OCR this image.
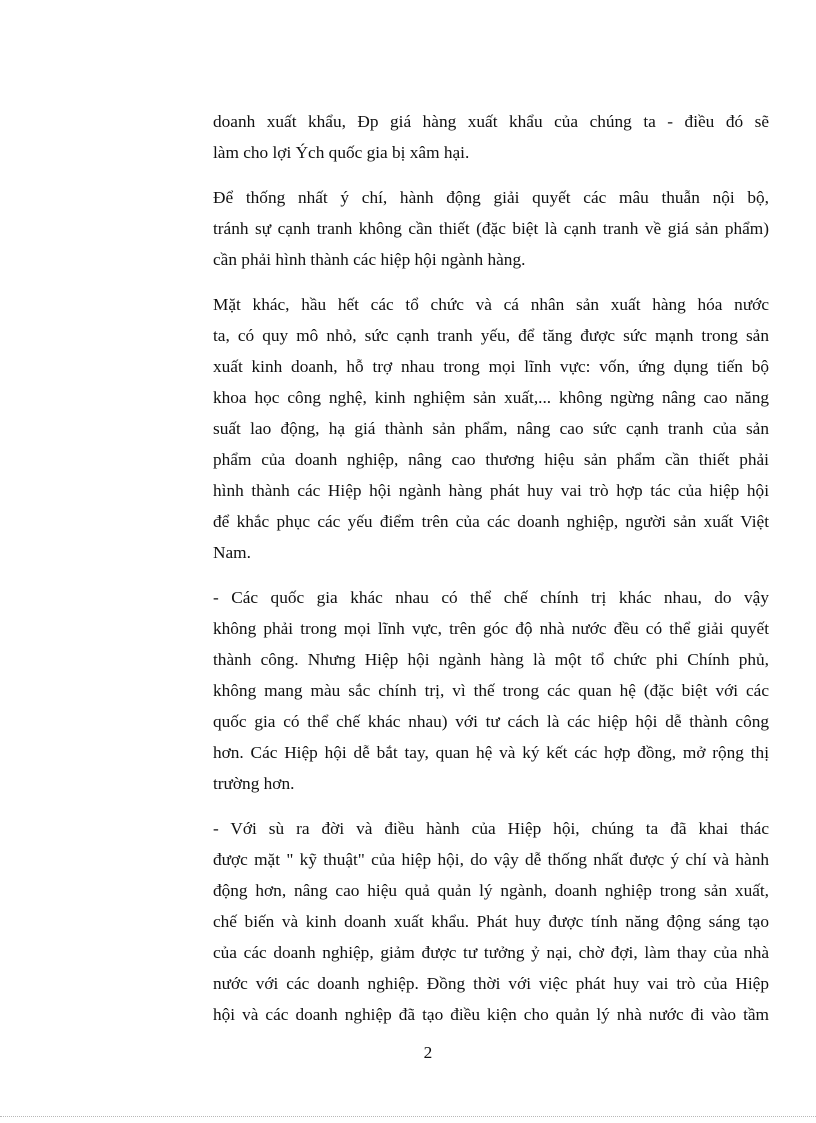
doanh xuất khẩu, Đp giá hàng xuất khẩu của chúng ta - điều đó sẽ
làm cho lợi Ých quốc gia bị xâm hại.
Để thống nhất ý chí, hành động giải quyết các mâu thuẫn nội bộ,
tránh sự cạnh tranh không cần thiết (đặc biệt là cạnh tranh về giá sản phẩm)
cần phải hình thành các hiệp hội ngành hàng.
Mặt khác, hầu hết các tổ chức và cá nhân sản xuất hàng hóa nước
ta, có quy mô nhỏ, sức cạnh tranh yếu, để tăng được sức mạnh trong sản
xuất kinh doanh, hỗ trợ nhau trong mọi lĩnh vực: vốn, ứng dụng tiến bộ
khoa học công nghệ, kinh nghiệm sản xuất,... không ngừng nâng cao năng
suất lao động, hạ giá thành sản phẩm, nâng cao sức cạnh tranh của sản
phẩm của doanh nghiệp, nâng cao thương hiệu sản phẩm cần thiết phải
hình thành các Hiệp hội ngành hàng phát huy vai trò hợp tác của hiệp hội
để khắc phục các yếu điểm trên của các doanh nghiệp, người sản xuất Việt
Nam.
- Các quốc gia khác nhau có thể chế chính trị khác nhau, do vậy
không phải trong mọi lĩnh vực, trên góc độ nhà nước đều có thể giải quyết
thành công. Nhưng Hiệp hội ngành hàng là một tổ chức phi Chính phủ,
không mang màu sắc chính trị, vì thế trong các quan hệ (đặc biệt với các
quốc gia có thể chế khác nhau) với tư cách là các hiệp hội dễ thành công
hơn. Các Hiệp hội dễ bắt tay, quan hệ và ký kết các hợp đồng, mở rộng thị
trường hơn.
- Với sù ra đời và điều hành của Hiệp hội, chúng ta đã khai thác
được mặt " kỹ thuật" của hiệp hội, do vậy dễ thống nhất được ý chí và hành
động hơn, nâng cao hiệu quả quản lý ngành, doanh nghiệp trong sản xuất,
chế biến và kinh doanh xuất khẩu. Phát huy được tính năng động sáng tạo
của các doanh nghiệp, giảm được tư tưởng ỷ nại, chờ đợi, làm thay của nhà
nước với các doanh nghiệp. Đồng thời với việc phát huy vai trò của Hiệp
hội và các doanh nghiệp đã tạo điều kiện cho quản lý nhà nước đi vào tầm
2
